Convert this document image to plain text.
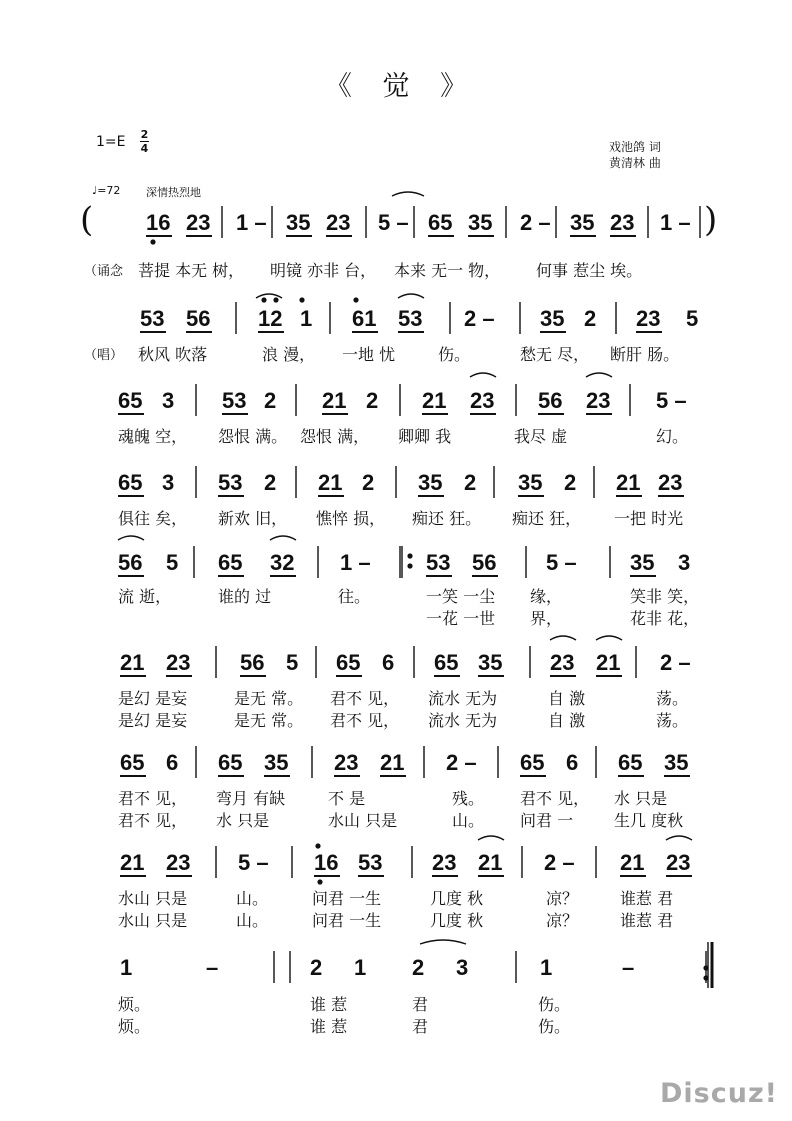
《 觉 》
1=E 2
4	戏池鸽 词
黄清林 曲
♩=72 深情热烈地
16 23 1 – 35 23 5 – 65 35 2 – 35 23 1 –
53 56 12 1 61 53 2 – 35 2 23 5
65 3 53 2 21 2 21 23 56 23 5 –
65 3 53 2 21 2 35 2 35 2 21 23
56 5 65 32 1 –	53 56 5 – 35 3
21 23 56 5 65 6 65 35 23 21 2 –
65 6 65 35 23 21 2 – 65 6 65 35
21 23 5 – 16 53 23 21 2 – 21 23
1	–	2 1 2 3	1	–
(	)
（诵念 菩提 本无 树， 明镜 亦非 台， 本来 无一 物， 何事 惹尘 埃。
（唱） 秋风 吹落	浪 漫， 一地 忧	伤。	愁无 尽， 断肝 肠。
魂魄 空， 怨恨 满。 怨恨 满， 卿卿 我	我尽 虚	幻。
俱往 矣， 新欢 旧， 憔悴 损， 痴还 狂。 痴还 狂， 一把 时光
流 逝，	谁的 过	往。	一笑 一尘 缘，	笑非 笑，
一花 一世 界，	花非 花，
是幻 是妄	是无 常。 君不 见， 流水 无为	自 激	荡。
是幻 是妄	是无 常。 君不 见， 流水 无为	自 激	荡。
君不 见， 弯月 有缺	不 是	残。 君不 见， 水 只是
君不 见， 水 只是	水山 只是	山。 问君 一	生几 度秋
水山 只是	山。	问君 一生	几度 秋	凉？	谁惹 君
水山 只是	山。	问君 一生	几度 秋	凉？	谁惹 君
烦。	谁 惹	君	伤。
烦。	谁 惹	君	伤。
Discuz!
